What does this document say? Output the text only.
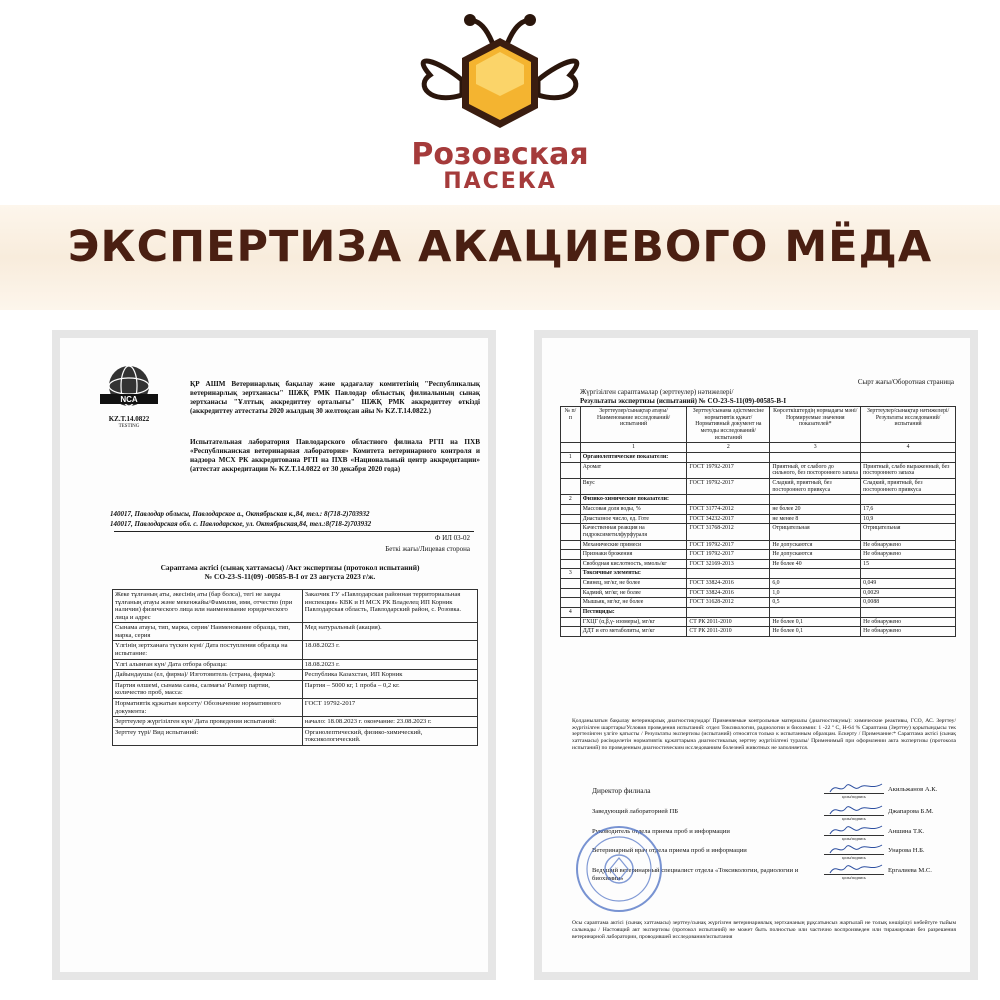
Розовская
ПАСЕКА
ЭКСПЕРТИЗА АКАЦИЕВОГО МЁДА
NCA
KZ.T.14.0822
TESTING
ҚР АШМ Ветеринарлық бақылау және қадағалау комитетінің "Республикалық ветеринарлық зертханасы" ШЖҚ РМК Павлодар облыстық филиалының сынақ зертханасы "Ұлттық аккредиттеу орталығы" ШЖҚ РМК аккредиттеу өткізді (аккредиттеу аттестаты 2020 жылдың 30 желтоқсан айы № KZ.T.14.0822.)
Испытательная лаборатория Павлодарского областного филиала РГП на ПХВ «Республиканская ветеринарная лаборатория» Комитета ветеринарного контроля и надзора МСХ РК аккредитована РГП на ПХВ «Национальный центр аккредитации» (аттестат аккредитации № KZ.T.14.0822 от 30 декабря 2020 года)
140017, Павлодар облысы, Павлодарское а., Октябрьская к.,84, тел.: 8(718-2)703932
140017, Павлодарская обл. с. Павлодарское, ул. Октябрьская,84, тел.:8(718-2)703932
Ф ИЛ 03-02
Беткі жағы/Лицевая сторона
Сараптама актісі (сынақ хаттамасы) /Акт экспертизы (протокол испытаний)
№ СО-23-S-11(09) -00585-В-I от 23 августа 2023 г/ж.
Жеке тұлғаның аты, әкесінің аты (бар болса), тегі не заңды тұлғаның атауы және мекенжайы/Фамилия, имя, отчество (при наличии) физического лица или наименование юридического лица и адрес	Заказчик ГУ «Павлодарская районная территориальная инспекция» КВК и Н МСХ РК Владелец ИП Корник Павлодарская область, Павлодарский район, с. Розовка.
Сынама атауы, тип, марка, серия/ Наименование образца, тип, марка, серия	Мед натуральный (акация).
Үлгінің зертханаға түскен күні/ Дата поступления образца на испытание:	18.08.2023 г.
Үлгі алынған күн/ Дата отбора образца:	18.08.2023 г.
Дайындаушы (ел, фирма)/ Изготовитель (страна, фирма):	Республика Казахстан, ИП Корник
Партия өлшемі, сынама саны, салмағы/ Размер партии, количество проб, масса:	Партия – 5000 кг, 1 проба – 0,2 кг.
Нормативтік құжатын көрсету/ Обозначение нормативного документа:	ГОСТ 19792-2017
Зерттеулер жүргізілген күн/ Дата проведения испытаний:	начало: 18.08.2023 г. окончание: 23.08.2023 г.
Зерттеу түрі/ Вид испытаний:	Органолептический, физико-химический, токсикологический.
Сырт жағы/Оборотная страница
Жүргізілген сараптамалар (зерттеулер) нәтижелері/
Результаты экспертизы (испытаний) № СО-23-S-11(09)-00585-В-I
№ п/п	Зерттеулер/сынақтар атауы/ Наименование исследований/ испытаний	Зерттеу/сынама әдістемесіне нормативтік құжат/ Нормативный документ на методы исследований/ испытаний	Көрсеткіштердің нормадағы мәні/ Нормируемые значения показателей*	Зерттеулер/сынақтар нәтижелері/ Результаты исследований/ испытаний
	1	2	3	4
1	Органолептические показатели:			
	Аромат	ГОСТ 19792-2017	Приятный, от слабого до сильного, без постороннего запаха	Приятный, слабо выраженный, без постороннего запаха
	Вкус	ГОСТ 19792-2017	Сладкий, приятный, без постороннего привкуса	Сладкий, приятный, без постороннего привкуса
2	Физико-химические показатели:			
	Массовая доля воды, %	ГОСТ 31774-2012	не более 20	17,6
	Диастазное число, ед. Готе	ГОСТ 34232-2017	не менее 8	10,9
	Качественная реакция на гидроксиметилфурфураля	ГОСТ 31768-2012	Отрицательная	Отрицательная
	Механические примеси	ГОСТ 19792-2017	Не допускаются	Не обнаружено
	Признаки брожения	ГОСТ 19792-2017	Не допускаются	Не обнаружено
	Свободная кислотность, ммоль/кг	ГОСТ 32169-2013	Не более 40	15
3	Токсичные элементы:			
	Свинец, мг/кг, не более	ГОСТ 33824-2016	6,0	0,049
	Кадмий, мг/кг, не более	ГОСТ 33824-2016	1,0	0,0029
	Мышьяк, мг/кг, не более	ГОСТ 31628-2012	0,5	0,0088
4	Пестициды:			
	ГХЦГ (α,β,γ- изомеры), мг/кг	СТ РК 2011-2010	Не более 0,1	Не обнаружено
	ДДТ и его метаболиты, мг/кг	СТ РК 2011-2010	Не более 0,1	Не обнаружено
Қолданылатын бақылау ветеринарлық диагностикумдар/ Применяемые контрольные материалы (диагностикумы): химические реактивы, ГСО, АС. Зерттеу/жүргізілген шарттары/Условия проведения испытаний: отдел Токсикологии, радиологии и биохимии: 1 -22 º С, Н-64 % Сараптама (Зерттеу) қорытындысы тек зерттелінген үлгіге қатысты / Результаты экспертизы (испытаний) относятся только к испытанным образцам. Ескерту / Примечание:* Сараптама актісі (сынақ хаттамасы) рәсімделетін нормативтік құжаттарына диагностикалық зерттеу жүргізілгені туралы/ Применимый при оформлении акта экспертизы (протокола испытаний) по проведенным диагностическим исследованиям болезней животных не заполняется.
Директор филиала
қолы/подпись
Акильжанов А.К.
Заведующий лабораторией ПБ
қолы/подпись
Джапарова Б.М.
Руководитель отдела приема проб и информации
қолы/подпись
Аншина Т.К.
Ветеринарный врач отдела приема проб и информации
қолы/подпись
Унарова Н.Б.
Ведущий ветеринарный специалист отдела «Токсикологии, радиологии и биохимии»	қолы/подпись
Ергалиева М.С.
Осы сараптама актісі (сынақ хаттамасы) зерттеу/сынақ жүргізген ветеринариялық зертхананың рұқсатынсыз жартылай не толық көшірілуі көбейтуге тыйым салынады / Настоящий акт экспертизы (протокол испытаний) не может быть полностью или частично воспроизведен или тиражирован без разрешения ветеринарной лаборатории, проводившей исследования/испытания
